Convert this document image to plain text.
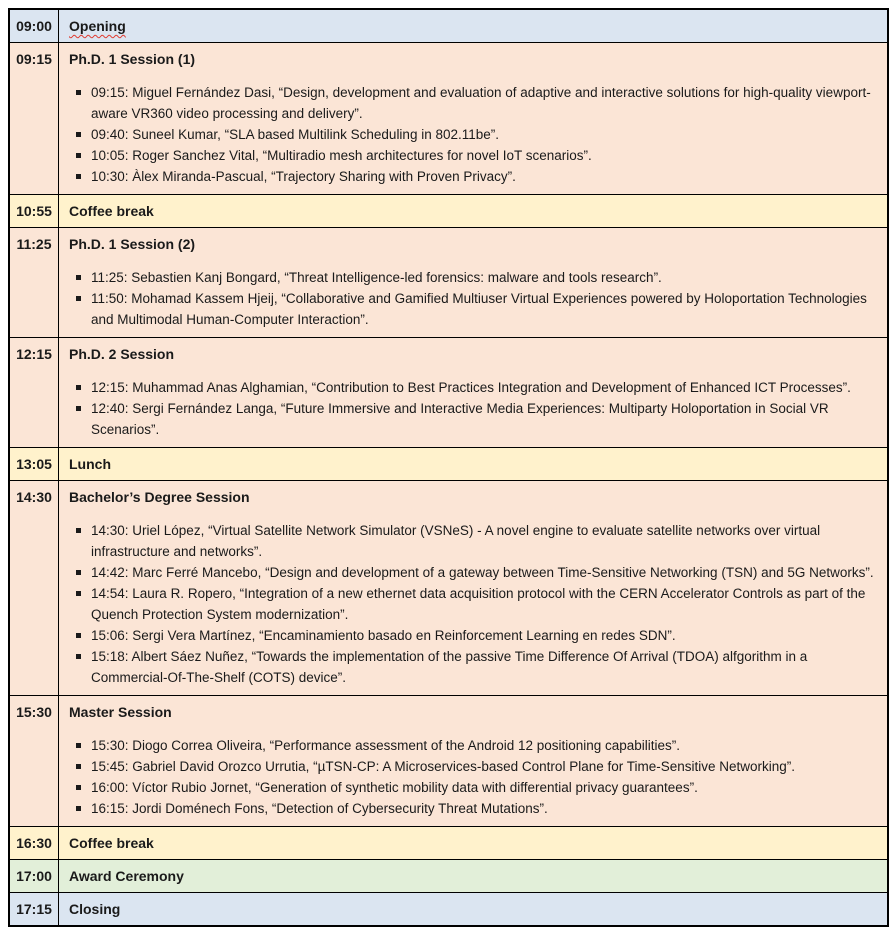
09:00	Opening
09:15	Ph.D. 1 Session (1)
09:15: Miguel Fernández Dasi, “Design, development and evaluation of adaptive and interactive solutions for high-quality viewport-aware VR360 video processing and delivery”.
09:40: Suneel Kumar, “SLA based Multilink Scheduling in 802.11be”.
10:05: Roger Sanchez Vital, “Multiradio mesh architectures for novel IoT scenarios”.
10:30: Àlex Miranda-Pascual, “Trajectory Sharing with Proven Privacy”.
10:55	Coffee break
11:25	Ph.D. 1 Session (2)
11:25: Sebastien Kanj Bongard, “Threat Intelligence-led forensics: malware and tools research”.
11:50: Mohamad Kassem Hjeij, “Collaborative and Gamified Multiuser Virtual Experiences powered by Holoportation Technologies and Multimodal Human-Computer Interaction”.
12:15	Ph.D. 2 Session
12:15: Muhammad Anas Alghamian, “Contribution to Best Practices Integration and Development of Enhanced ICT Processes”.
12:40: Sergi Fernández Langa, “Future Immersive and Interactive Media Experiences: Multiparty Holoportation in Social VR Scenarios”.
13:05	Lunch
14:30	Bachelor’s Degree Session
14:30: Uriel López, “Virtual Satellite Network Simulator (VSNeS) - A novel engine to evaluate satellite networks over virtual infrastructure and networks”.
14:42: Marc Ferré Mancebo, “Design and development of a gateway between Time-Sensitive Networking (TSN) and 5G Networks”.
14:54: Laura R. Ropero, “Integration of a new ethernet data acquisition protocol with the CERN Accelerator Controls as part of the Quench Protection System modernization”.
15:06: Sergi Vera Martínez, “Encaminamiento basado en Reinforcement Learning en redes SDN”.
15:18: Albert Sáez Nuñez, “Towards the implementation of the passive Time Difference Of Arrival (TDOA) alfgorithm in a Commercial-Of-The-Shelf (COTS) device”.
15:30	Master Session
15:30: Diogo Correa Oliveira, “Performance assessment of the Android 12 positioning capabilities”.
15:45: Gabriel David Orozco Urrutia, “µTSN-CP: A Microservices-based Control Plane for Time-Sensitive Networking”.
16:00: Víctor Rubio Jornet, “Generation of synthetic mobility data with differential privacy guarantees”.
16:15: Jordi Doménech Fons, “Detection of Cybersecurity Threat Mutations”.
16:30	Coffee break
17:00	Award Ceremony
17:15	Closing
